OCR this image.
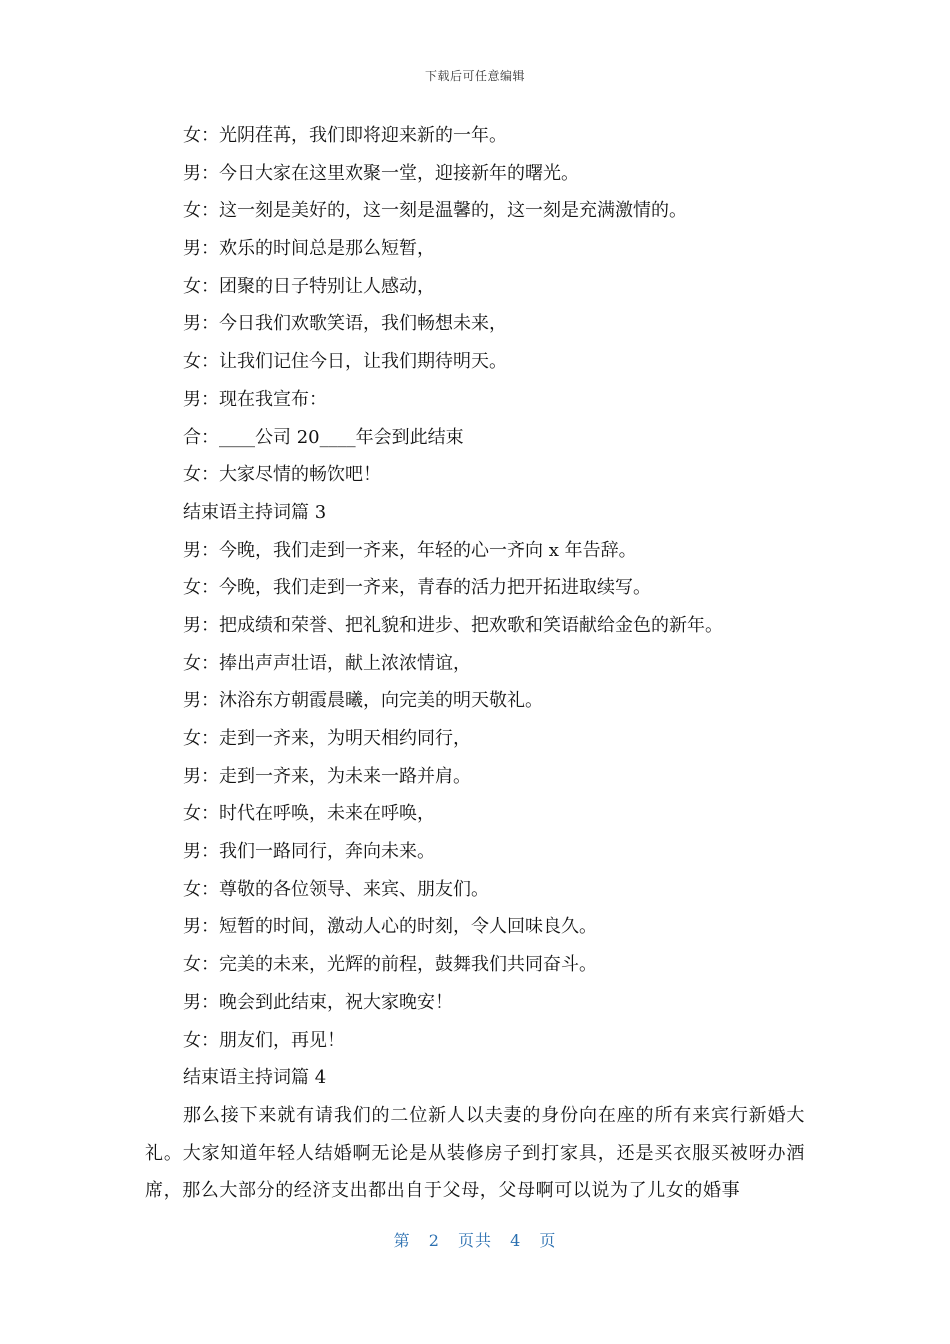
下载后可任意编辑
女：光阴荏苒，我们即将迎来新的一年。
男：今日大家在这里欢聚一堂，迎接新年的曙光。
女：这一刻是美好的，这一刻是温馨的，这一刻是充满激情的。
男：欢乐的时间总是那么短暂，
女：团聚的日子特别让人感动，
男：今日我们欢歌笑语，我们畅想未来，
女：让我们记住今日，让我们期待明天。
男：现在我宣布：
合：____公司 20____年会到此结束
女：大家尽情的畅饮吧！
结束语主持词篇 3
男：今晚，我们走到一齐来，年轻的心一齐向 x 年告辞。
女：今晚，我们走到一齐来，青春的活力把开拓进取续写。
男：把成绩和荣誉、把礼貌和进步、把欢歌和笑语献给金色的新年。
女：捧出声声壮语，献上浓浓情谊，
男：沐浴东方朝霞晨曦，向完美的明天敬礼。
女：走到一齐来，为明天相约同行，
男：走到一齐来，为未来一路并肩。
女：时代在呼唤，未来在呼唤，
男：我们一路同行，奔向未来。
女：尊敬的各位领导、来宾、朋友们。
男：短暂的时间，激动人心的时刻，令人回味良久。
女：完美的未来，光辉的前程，鼓舞我们共同奋斗。
男：晚会到此结束，祝大家晚安！
女：朋友们，再见！
结束语主持词篇 4
那么接下来就有请我们的二位新人以夫妻的身份向在座的所有来宾行新婚大礼。大家知道年轻人结婚啊无论是从装修房子到打家具，还是买衣服买被呀办酒席，那么大部分的经济支出都出自于父母，父母啊可以说为了儿女的婚事
第 2 页共 4 页
